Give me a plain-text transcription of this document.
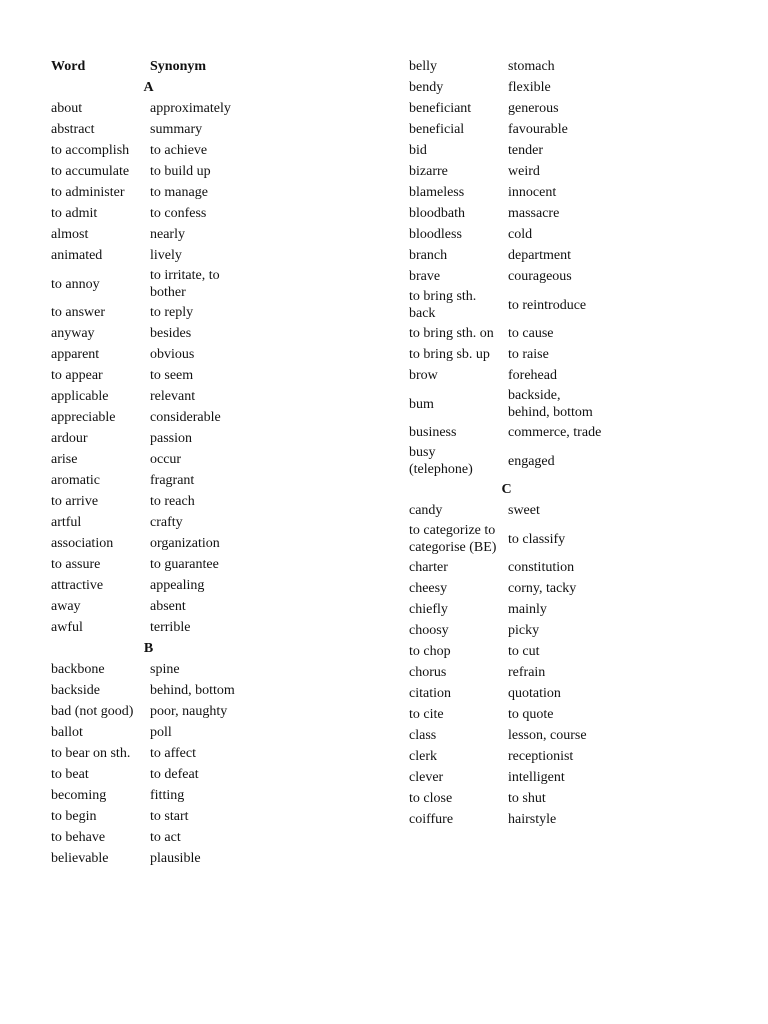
Word	Synonym
A	
about	approximately
abstract	summary
to accomplish	to achieve
to accumulate	to build up
to administer	to manage
to admit	to confess
almost	nearly
animated	lively
to annoy	to irritate, to bother
to answer	to reply
anyway	besides
apparent	obvious
to appear	to seem
applicable	relevant
appreciable	considerable
ardour	passion
arise	occur
aromatic	fragrant
to arrive	to reach
artful	crafty
association	organization
to assure	to guarantee
attractive	appealing
away	absent
awful	terrible
B	
backbone	spine
backside	behind, bottom
bad (not good)	poor, naughty
ballot	poll
to bear on sth.	to affect
to beat	to defeat
becoming	fitting
to begin	to start
to behave	to act
believable	plausible
belly	stomach
bendy	flexible
beneficiant	generous
beneficial	favourable
bid	tender
bizarre	weird
blameless	innocent
bloodbath	massacre
bloodless	cold
branch	department
brave	courageous
to bring sth. back	to reintroduce
to bring sth. on	to cause
to bring sb. up	to raise
brow	forehead
bum	backside, behind, bottom
business	commerce, trade
busy (telephone)	engaged
C	
candy	sweet
to categorize to categorise (BE)	to classify
charter	constitution
cheesy	corny, tacky
chiefly	mainly
choosy	picky
to chop	to cut
chorus	refrain
citation	quotation
to cite	to quote
class	lesson, course
clerk	receptionist
clever	intelligent
to close	to shut
coiffure	hairstyle
